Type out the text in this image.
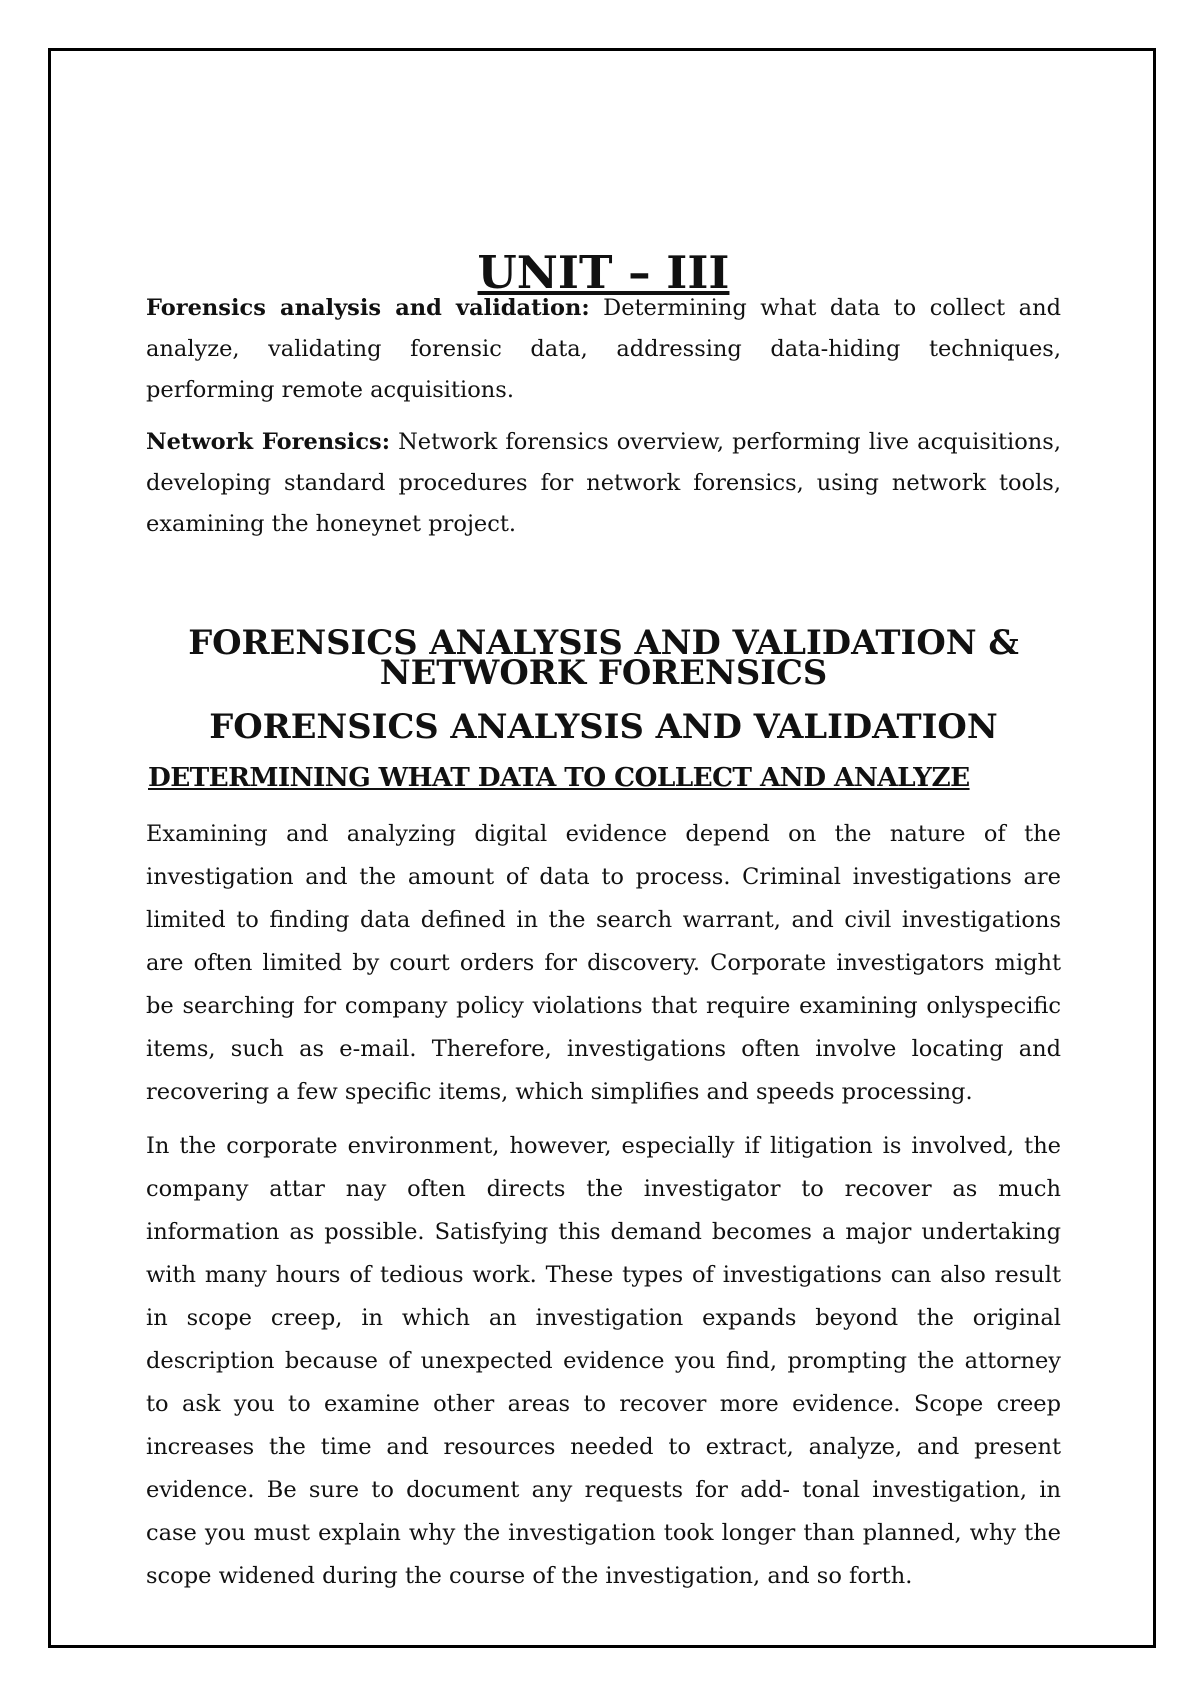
UNIT – III

Forensics analysis and validation: Determining what data to collect and analyze, validating forensic data, addressing data-hiding techniques, performing remote acquisitions.

Network Forensics: Network forensics overview, performing live acquisitions, developing standard procedures for network forensics, using network tools, examining the honeynet project.

FORENSICS ANALYSIS AND VALIDATION & NETWORK FORENSICS
FORENSICS ANALYSIS AND VALIDATION
DETERMINING WHAT DATA TO COLLECT AND ANALYZE

Examining and analyzing digital evidence depend on the nature of the investigation and the amount of data to process. Criminal investigations are limited to finding data defined in the search warrant, and civil investigations are often limited by court orders for discovery. Corporate investigators might be searching for company policy violations that require examining onlyspecific items, such as e-mail. Therefore, investigations often involve locating and recovering a few specific items, which simplifies and speeds processing.

In the corporate environment, however, especially if litigation is involved, the company attar nay often directs the investigator to recover as much information as possible. Satisfying this demand becomes a major undertaking with many hours of tedious work. These types of investigations can also result in scope creep, in which an investigation expands beyond the original description because of unexpected evidence you find, prompting the attorney to ask you to examine other areas to recover more evidence. Scope creep increases the time and resources needed to extract, analyze, and present evidence. Be sure to document any requests for add- tonal investigation, in case you must explain why the investigation took longer than planned, why the scope widened during the course of the investigation, and so forth.
